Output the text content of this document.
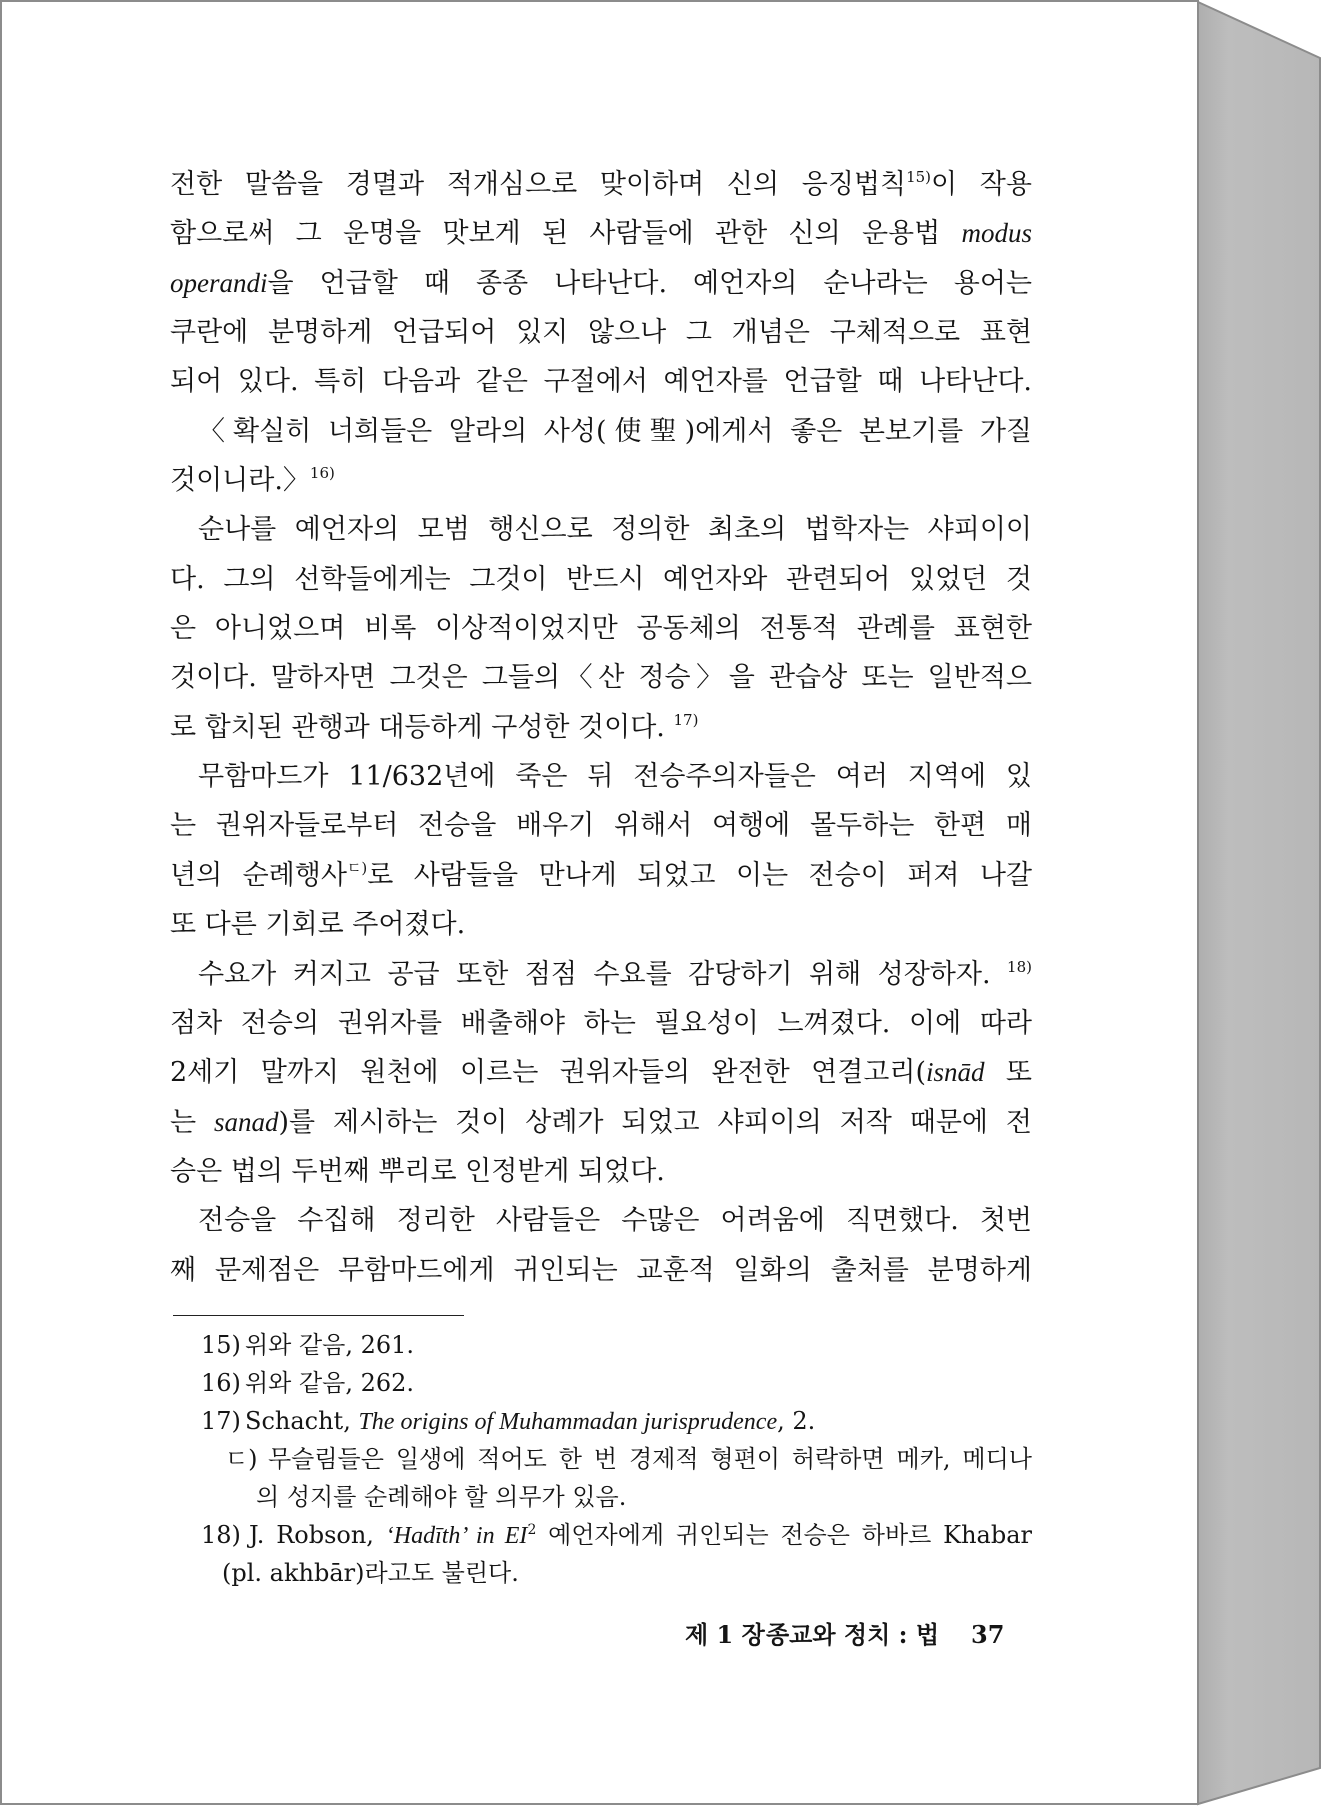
전한 말씀을 경멸과 적개심으로 맞이하며 신의 응징법칙$^{15)}$이 작용
함으로써 그 운명을 맛보게 된 사람들에 관한 신의 운용법 modus
operandi을 언급할 때 종종 나타난다. 예언자의 순나라는 용어는
쿠란에 분명하게 언급되어 있지 않으나 그 개념은 구체적으로 표현
되어 있다. 특히 다음과 같은 구절에서 예언자를 언급할 때 나타난다.
〈확실히 너희들은 알라의 사성(使聖)에게서 좋은 본보기를 가질
것이니라.〉$^{16)}$
순나를 예언자의 모범 행신으로 정의한 최초의 법학자는 샤피이이
다. 그의 선학들에게는 그것이 반드시 예언자와 관련되어 있었던 것
은 아니었으며 비록 이상적이었지만 공동체의 전통적 관례를 표현한
것이다. 말하자면 그것은 그들의〈산 정승〉을 관습상 또는 일반적으
로 합치된 관행과 대등하게 구성한 것이다. $^{17)}$
무함마드가 11/632년에 죽은 뒤 전승주의자들은 여러 지역에 있
는 권위자들로부터 전승을 배우기 위해서 여행에 몰두하는 한편 매
년의 순례행사$^{ㄷ)}$로 사람들을 만나게 되었고 이는 전승이 퍼져 나갈
또 다른 기회로 주어졌다.
수요가 커지고 공급 또한 점점 수요를 감당하기 위해 성장하자. $^{18)}$
점차 전승의 권위자를 배출해야 하는 필요성이 느껴졌다. 이에 따라
2세기 말까지 원천에 이르는 권위자들의 완전한 연결고리(isnād 또
는 sanad)를 제시하는 것이 상례가 되었고 샤피이의 저작 때문에 전
승은 법의 두번째 뿌리로 인정받게 되었다.
전승을 수집해 정리한 사람들은 수많은 어려움에 직면했다. 첫번
째 문제점은 무함마드에게 귀인되는 교훈적 일화의 출처를 분명하게
15) 위와 같음, 261.
16) 위와 같음, 262.
17) Schacht, The origins of Muhammadan jurisprudence, 2.
ㄷ) 무슬림들은 일생에 적어도 한 번 경제적 형편이 허락하면 메카, 메디나
의 성지를 순례해야 할 의무가 있음.
18) J. Robson, ‘Hadīth’ in EI$^2$ 예언자에게 귀인되는 전승은 하바르 Khabar
(pl. akhbār)라고도 불린다.
제 1 장 종교와 정치 : 법 37
